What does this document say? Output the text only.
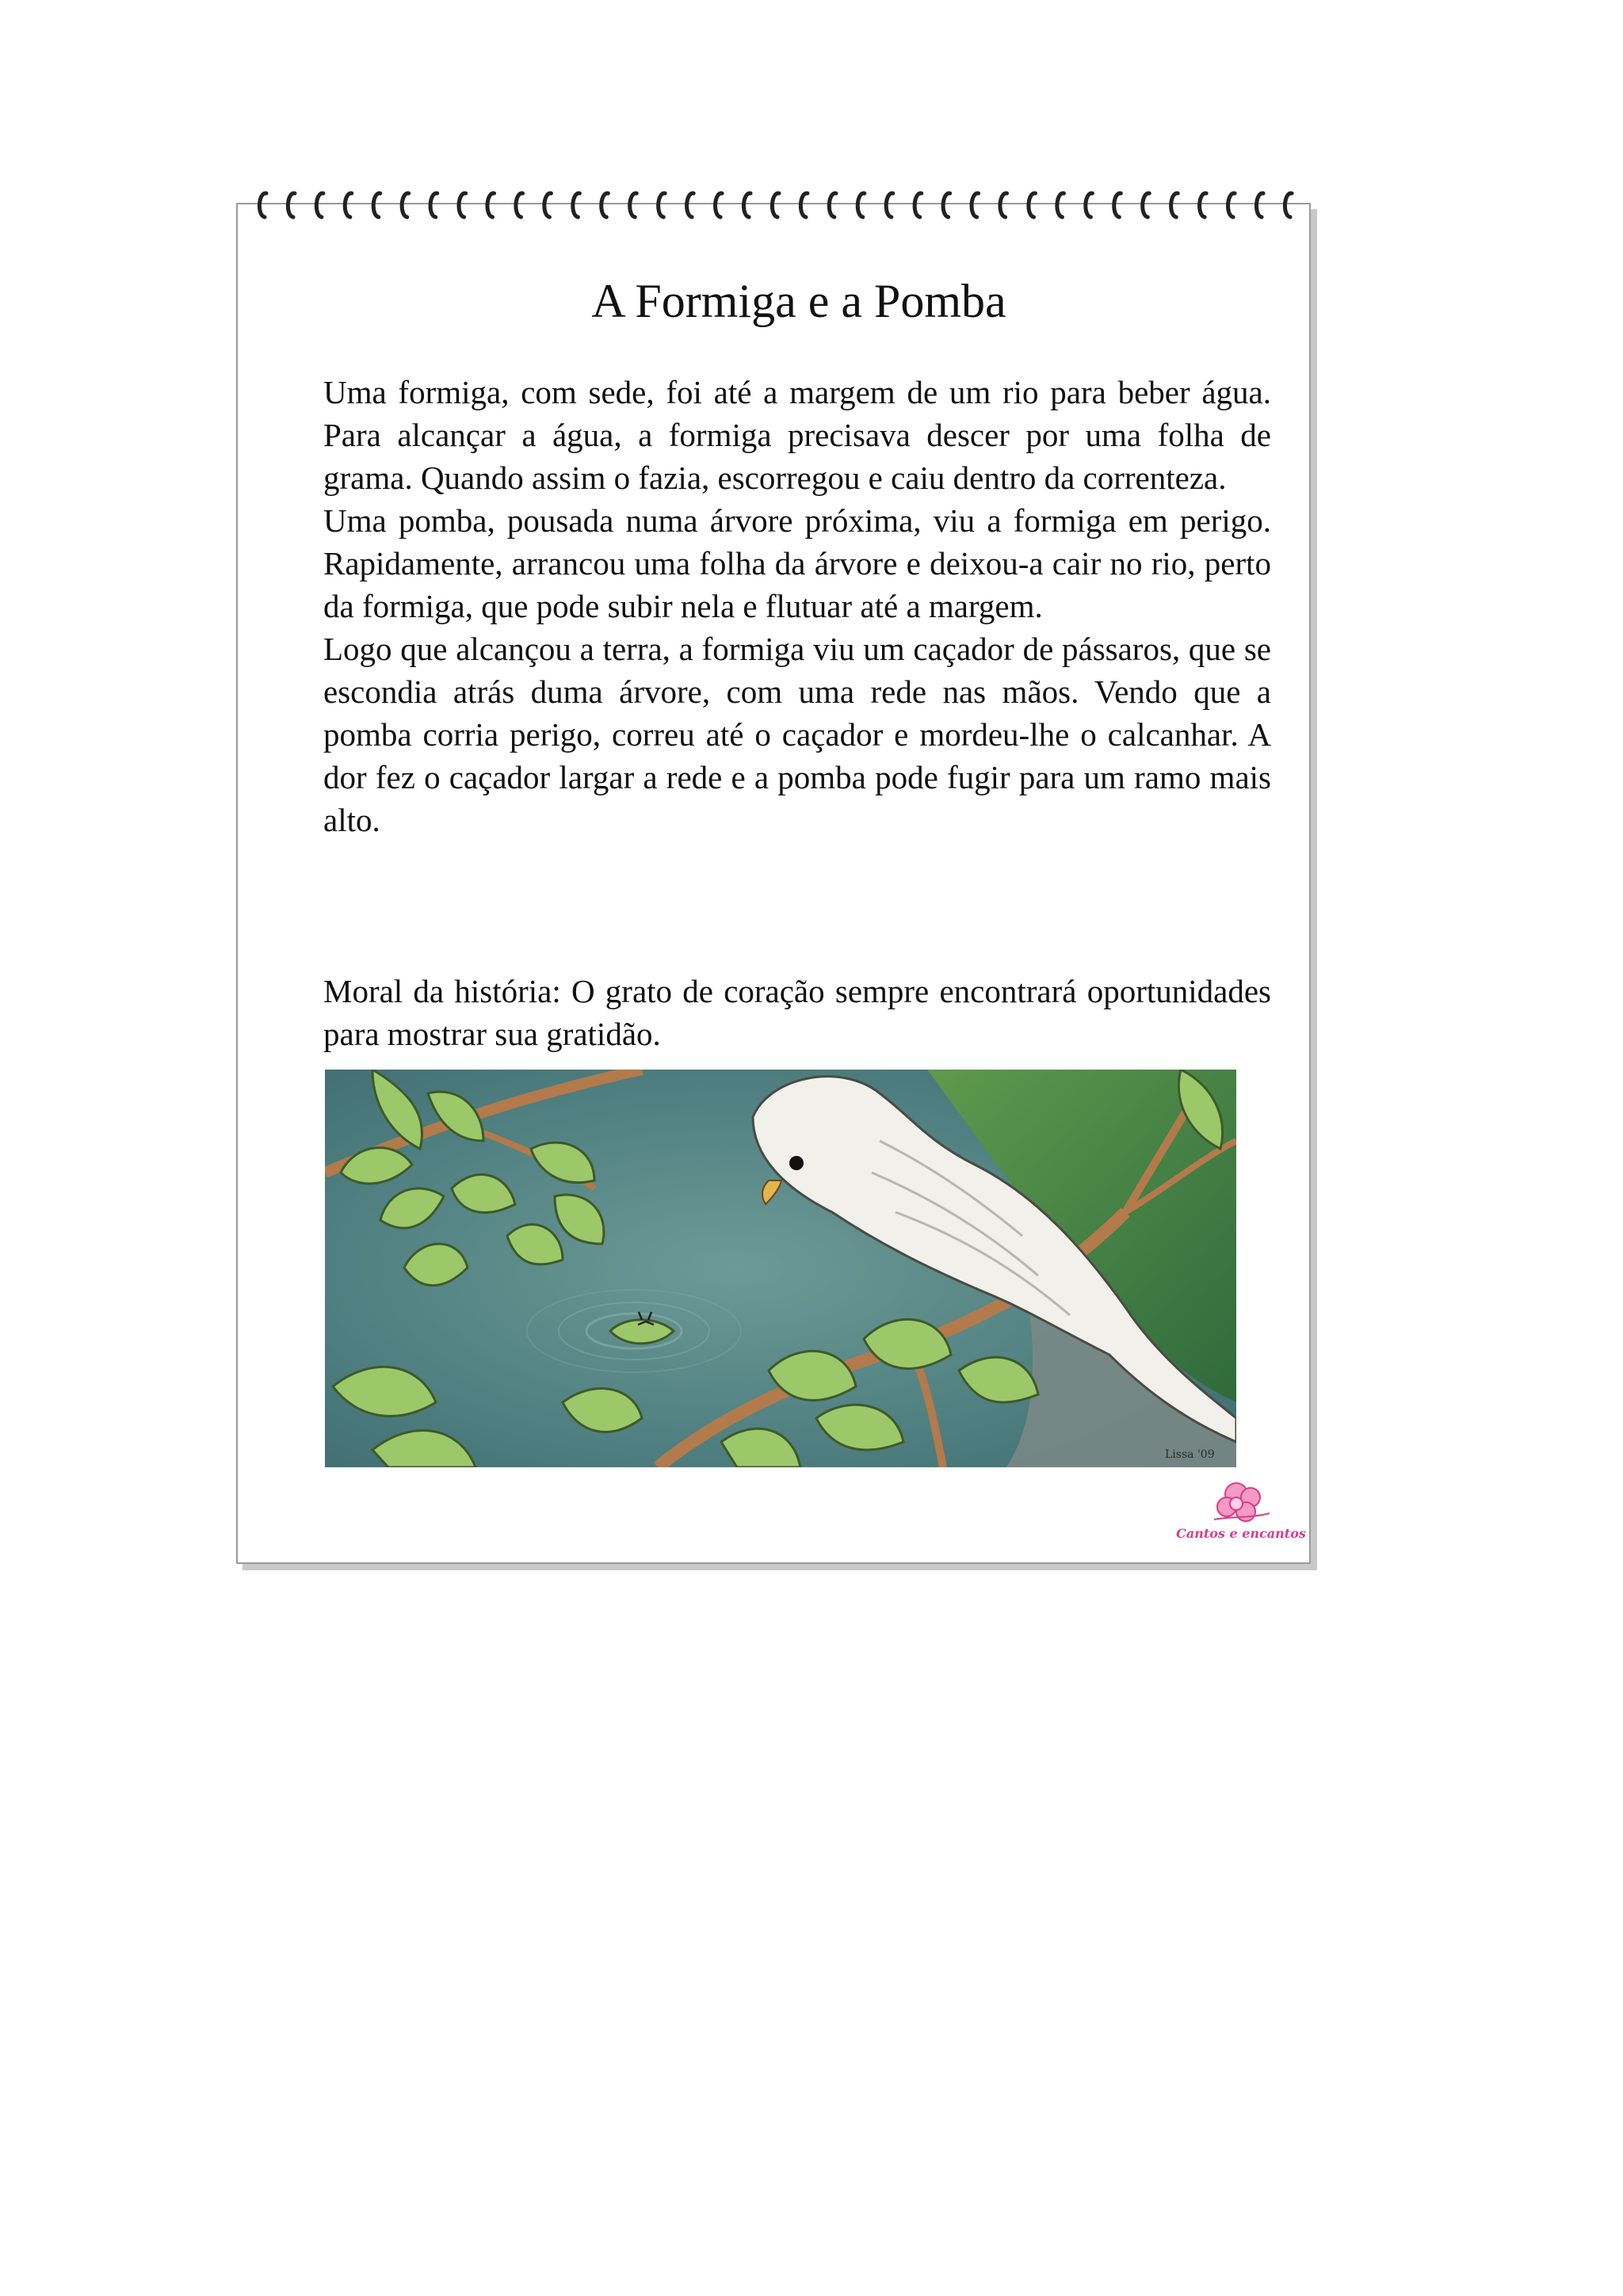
A Formiga e a Pomba

Uma formiga, com sede, foi até a margem de um rio para beber água. Para alcançar a água, a formiga precisava descer por uma folha de grama. Quando assim o fazia, escorregou e caiu dentro da correnteza.

Uma pomba, pousada numa árvore próxima, viu a formiga em perigo. Rapidamente, arrancou uma folha da árvore e deixou-a cair no rio, perto da formiga, que pode subir nela e flutuar até a margem.

Logo que alcançou a terra, a formiga viu um caçador de pássaros, que se escondia atrás duma árvore, com uma rede nas mãos. Vendo que a pomba corria perigo, correu até o caçador e mordeu-lhe o calcanhar. A dor fez o caçador largar a rede e a pomba pode fugir para um ramo mais alto.

Moral da história: O grato de coração sempre encontrará oportunidades para mostrar sua gratidão.
Lissa '09
Cantos e encantos
